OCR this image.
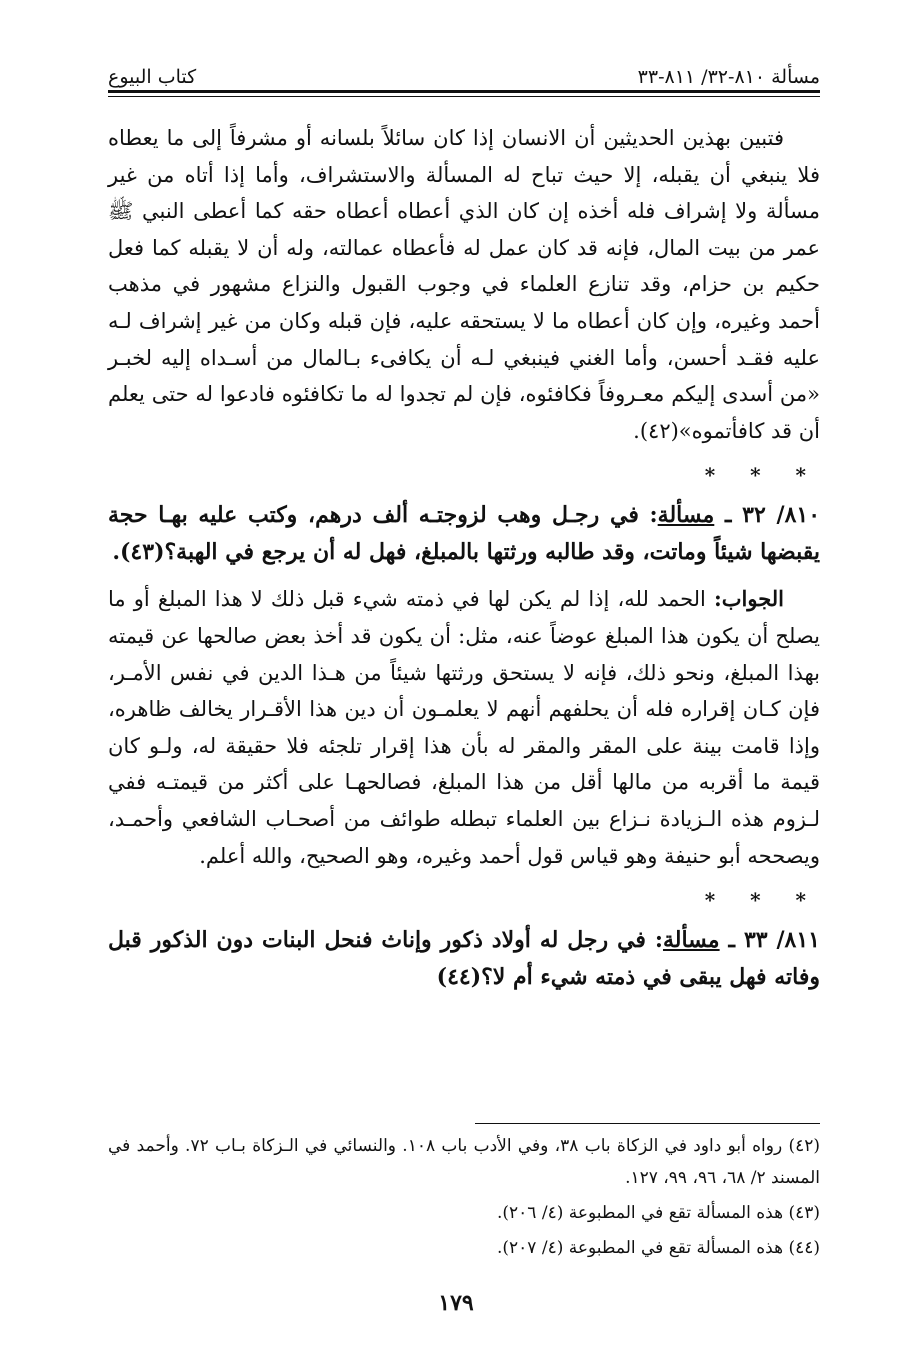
مسألة ٨١٠-٣٢/ ٨١١-٣٣
كتاب البيوع

فتبين بهذين الحديثين أن الانسان إذا كان سائلاً بلسانه أو مشرفاً إلى ما يعطاه فلا ينبغي أن يقبله، إلا حيث تباح له المسألة والاستشراف، وأما إذا أتاه من غير مسألة ولا إشراف فله أخذه إن كان الذي أعطاه أعطاه حقه كما أعطى النبي ﷺ عمر من بيت المال، فإنه قد كان عمل له فأعطاه عمالته، وله أن لا يقبله كما فعل حكيم بن حزام، وقد تنازع العلماء في وجوب القبول والنزاع مشهور في مذهب أحمد وغيره، وإن كان أعطاه ما لا يستحقه عليه، فإن قبله وكان من غير إشراف لـه عليه فقـد أحسن، وأما الغني فينبغي لـه أن يكافىء بـالمال من أسـداه إليه لخبـر «من أسدى إليكم معـروفاً فكافئوه، فإن لم تجدوا له ما تكافئوه فادعوا له حتى يعلم أن قد كافأتموه»(٤٢).

* * *

٨١٠/ ٣٢ ـ مسألة: في رجـل وهب لزوجتـه ألف درهم، وكتب عليه بهـا حجة يقبضها شيئاً وماتت، وقد طالبه ورثتها بالمبلغ، فهل له أن يرجع في الهبة؟(٤٣).

الجواب: الحمد لله، إذا لم يكن لها في ذمته شيء قبل ذلك لا هذا المبلغ أو ما يصلح أن يكون هذا المبلغ عوضاً عنه، مثل: أن يكون قد أخذ بعض صالحها عن قيمته بهذا المبلغ، ونحو ذلك، فإنه لا يستحق ورثتها شيئاً من هـذا الدين في نفس الأمـر، فإن كـان إقراره فله أن يحلفهم أنهم لا يعلمـون أن دين هذا الأقـرار يخالف ظاهره، وإذا قامت بينة على المقر والمقر له بأن هذا إقرار تلجئه فلا حقيقة له، ولـو كان قيمة ما أقربه من مالها أقل من هذا المبلغ، فصالحهـا على أكثر من قيمتـه ففي لـزوم هذه الـزيادة نـزاع بين العلماء تبطله طوائف من أصحـاب الشافعي وأحمـد، ويصححه أبو حنيفة وهو قياس قول أحمد وغيره، وهو الصحيح، والله أعلم.

* * *

٨١١/ ٣٣ ـ مسألة: في رجل له أولاد ذكور وإناث فنحل البنات دون الذكور قبل وفاته فهل يبقى في ذمته شيء أم لا؟(٤٤)

(٤٢) رواه أبو داود في الزكاة باب ٣٨، وفي الأدب باب ١٠٨. والنسائي في الـزكاة بـاب ٧٢. وأحمد في المسند ٢/ ٦٨، ٩٦، ٩٩، ١٢٧.

(٤٣) هذه المسألة تقع في المطبوعة (٤/ ٢٠٦).

(٤٤) هذه المسألة تقع في المطبوعة (٤/ ٢٠٧).

١٧٩
